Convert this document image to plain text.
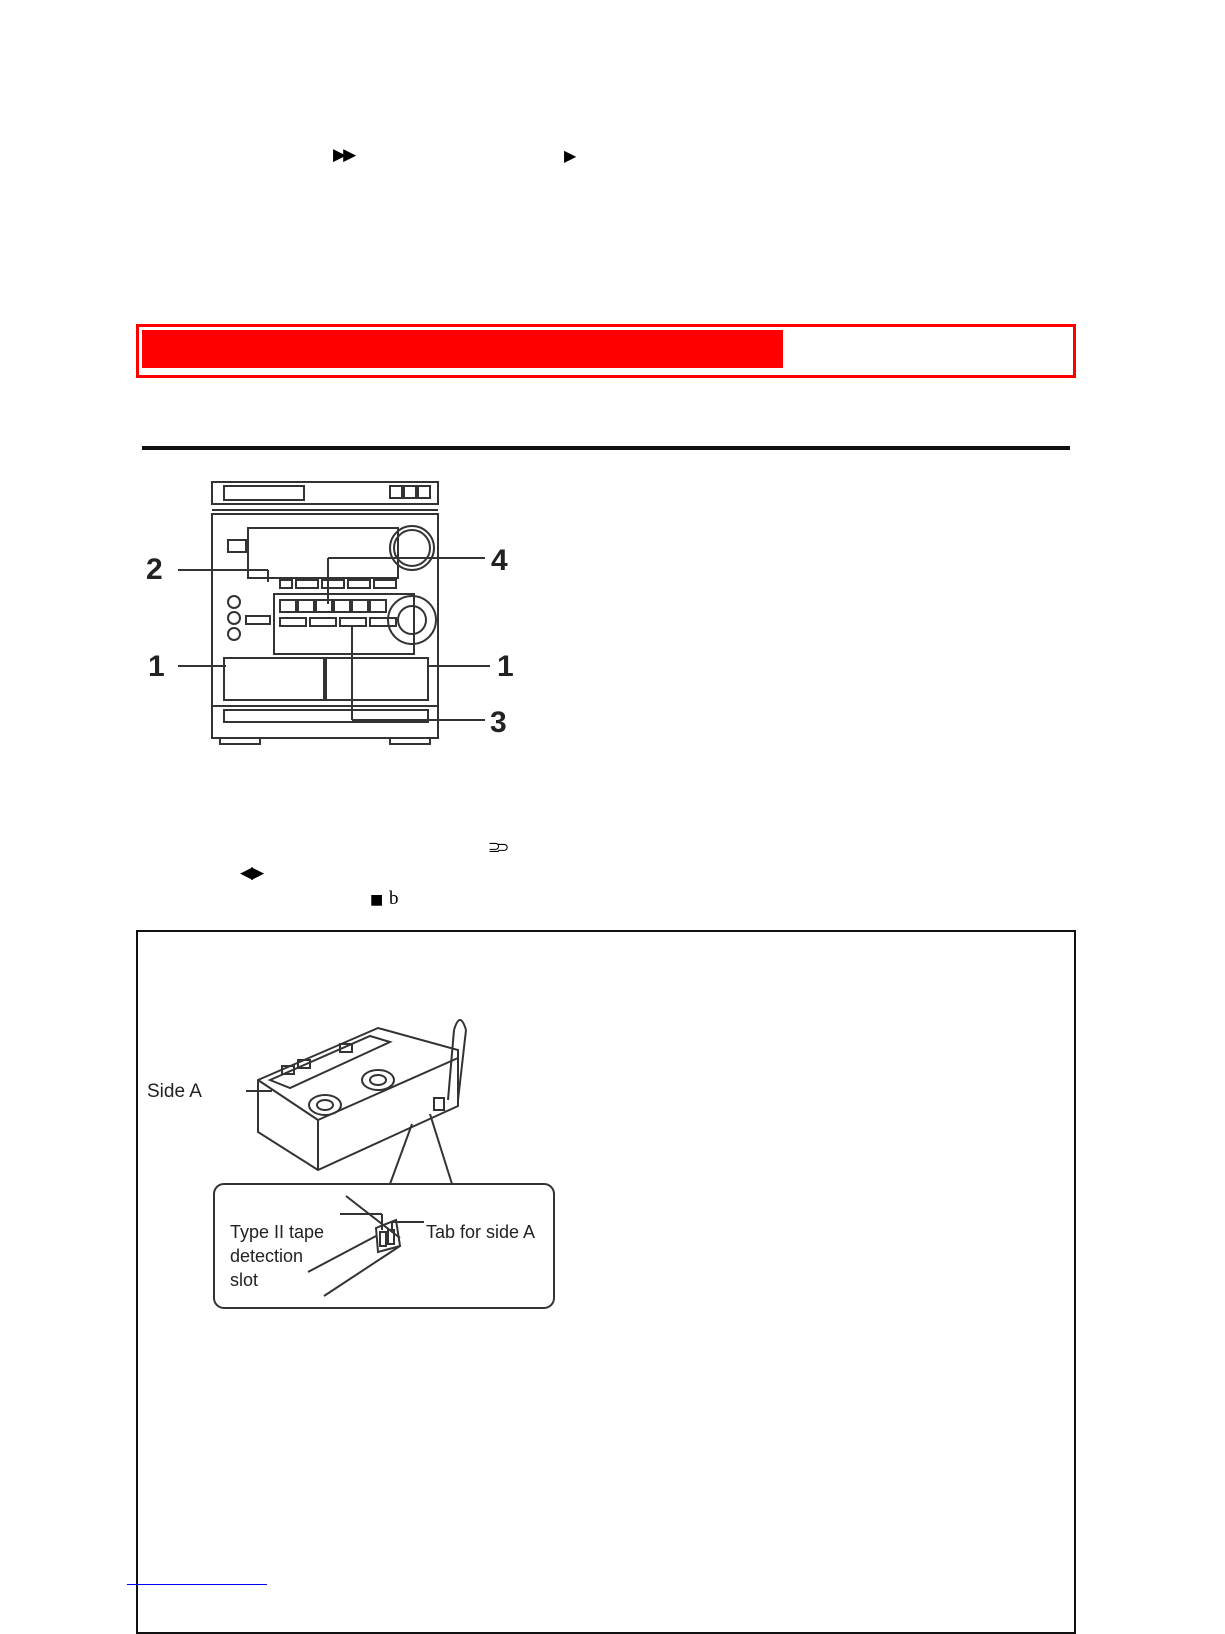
▶▶	▶
2	4
1	1
3
⊇⊃
◀▶
■ b
Side A
Type II tape
detection
slot
Tab for side A
